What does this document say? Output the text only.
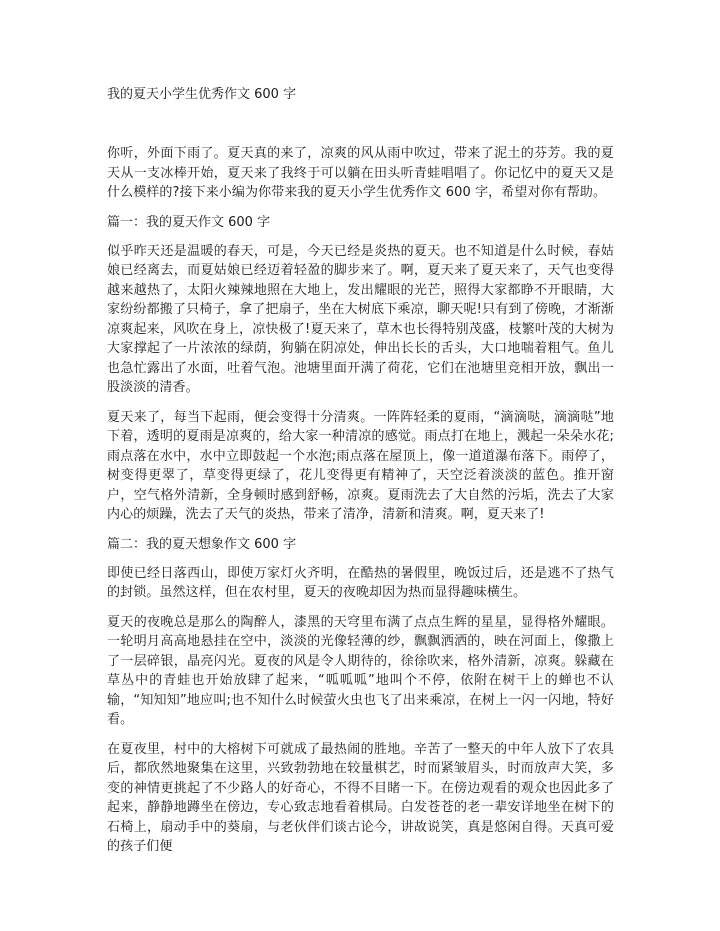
我的夏天小学生优秀作文 600 字

你听，外面下雨了。夏天真的来了，凉爽的风从雨中吹过，带来了泥土的芬芳。我的夏天从一支冰棒开始，夏天来了我终于可以躺在田头听青蛙唱唱了。你记忆中的夏天又是什么模样的?接下来小编为你带来我的夏天小学生优秀作文 600 字，希望对你有帮助。

篇一：我的夏天作文 600 字

似乎昨天还是温暖的春天，可是，今天已经是炎热的夏天。也不知道是什么时候，春姑娘已经离去，而夏姑娘已经迈着轻盈的脚步来了。啊，夏天来了夏天来了，天气也变得越来越热了，太阳火辣辣地照在大地上，发出耀眼的光芒，照得大家都睁不开眼睛，大家纷纷都搬了只椅子，拿了把扇子，坐在大树底下乘凉，聊天呢!只有到了傍晚，才渐渐凉爽起来，风吹在身上，凉快极了!夏天来了，草木也长得特别茂盛，枝繁叶茂的大树为大家撑起了一片浓浓的绿荫，狗躺在阴凉处，伸出长长的舌头，大口地喘着粗气。鱼儿也急忙露出了水面，吐着气泡。池塘里面开满了荷花，它们在池塘里竞相开放，飘出一股淡淡的清香。

夏天来了，每当下起雨，便会变得十分清爽。一阵阵轻柔的夏雨，“滴滴哒，滴滴哒”地下着，透明的夏雨是凉爽的，给大家一种清凉的感觉。雨点打在地上，溅起一朵朵水花;雨点落在水中，水中立即鼓起一个水泡;雨点落在屋顶上，像一道道瀑布落下。雨停了，树变得更翠了，草变得更绿了，花儿变得更有精神了，天空泛着淡淡的蓝色。推开窗户，空气格外清新，全身顿时感到舒畅，凉爽。夏雨洗去了大自然的污垢，洗去了大家内心的烦躁，洗去了天气的炎热，带来了清净，清新和清爽。啊，夏天来了!

篇二：我的夏天想象作文 600 字

即使已经日落西山，即使万家灯火齐明，在酷热的暑假里，晚饭过后，还是逃不了热气的封锁。虽然这样，但在农村里，夏天的夜晚却因为热而显得趣味横生。

夏天的夜晚总是那么的陶醉人，漆黑的天穹里布满了点点生辉的星星，显得格外耀眼。一轮明月高高地悬挂在空中，淡淡的光像轻薄的纱，飘飘洒洒的，映在河面上，像撒上了一层碎银，晶亮闪光。夏夜的风是令人期待的，徐徐吹来，格外清新，凉爽。躲藏在草丛中的青蛙也开始放肆了起来，“呱呱呱”地叫个不停，依附在树干上的蝉也不认输，“知知知”地应叫;也不知什么时候萤火虫也飞了出来乘凉，在树上一闪一闪地，特好看。

在夏夜里，村中的大榕树下可就成了最热闹的胜地。辛苦了一整天的中年人放下了农具后，都欣然地聚集在这里，兴致勃勃地在较量棋艺，时而紧皱眉头，时而放声大笑，多变的神情更挑起了不少路人的好奇心，不得不目睹一下。在傍边观看的观众也因此多了起来，静静地蹲坐在傍边，专心致志地看着棋局。白发苍苍的老一辈安详地坐在树下的石椅上，扇动手中的葵扇，与老伙伴们谈古论今，讲故说笑，真是悠闲自得。天真可爱的孩子们便
